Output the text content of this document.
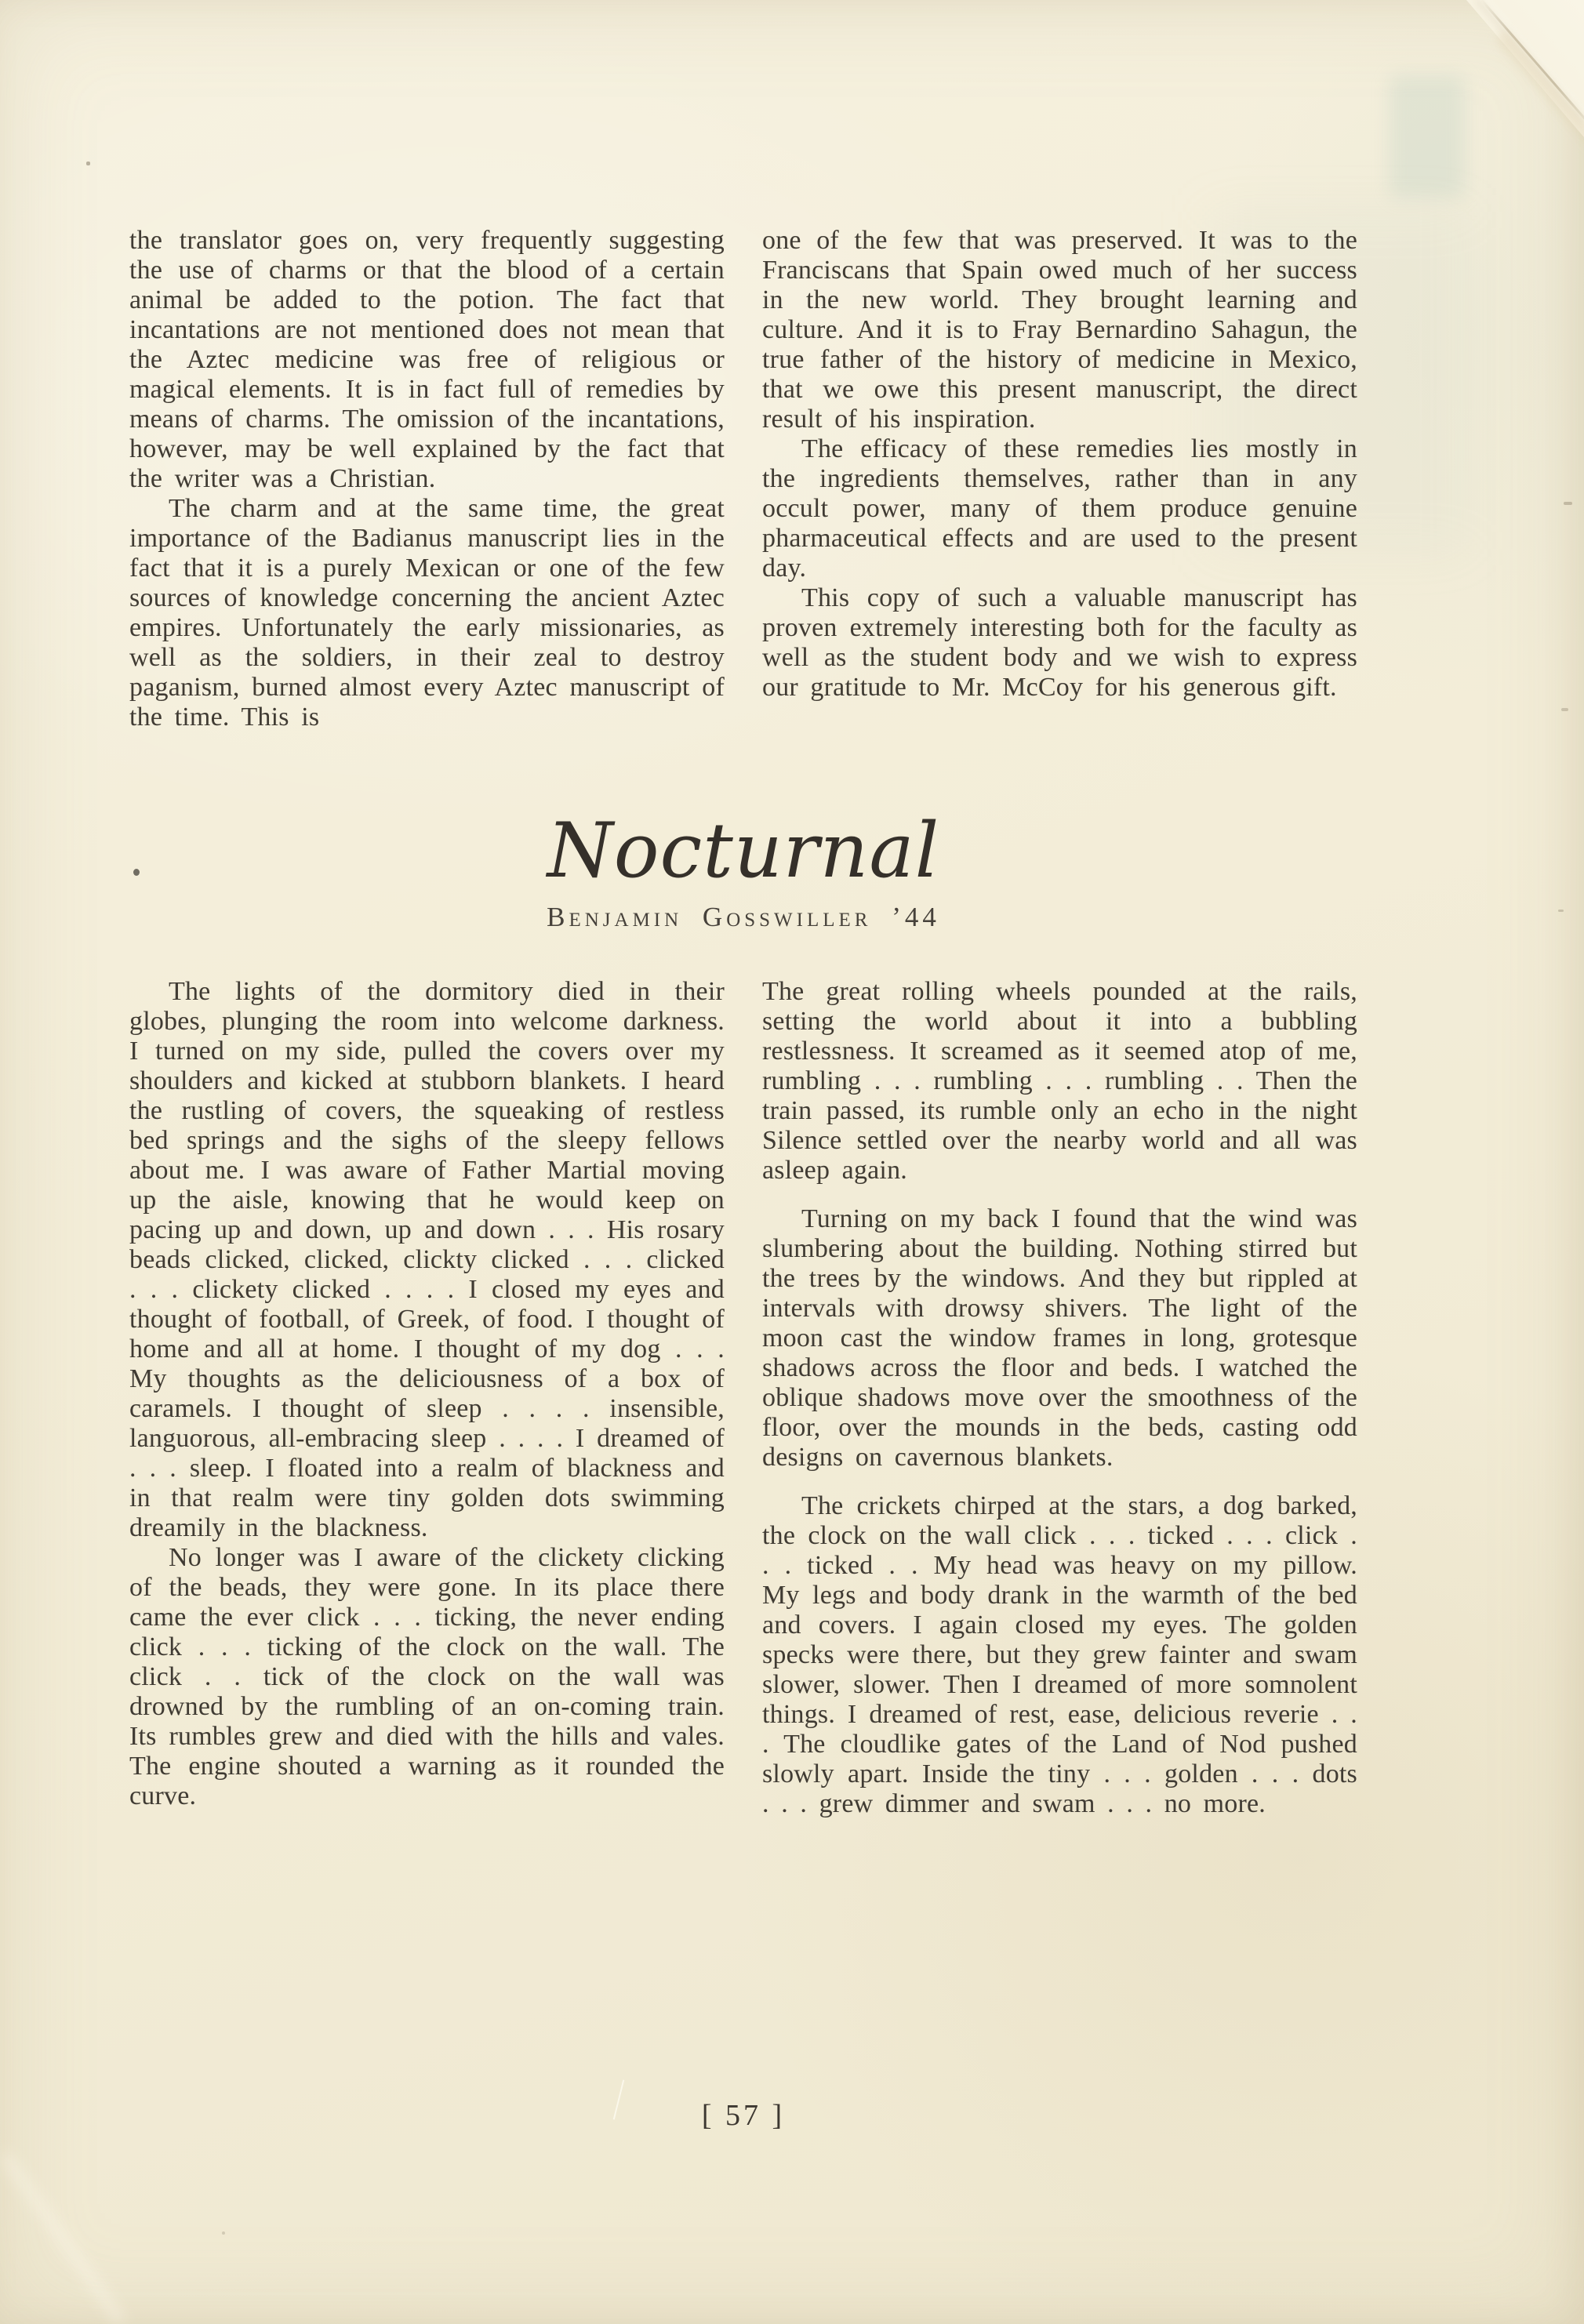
the translator goes on, very frequently suggesting the use of charms or that the blood of a certain animal be added to the potion. The fact that incantations are not mentioned does not mean that the Aztec medicine was free of religious or magical elements. It is in fact full of remedies by means of charms. The omission of the incantations, however, may be well explained by the fact that the writer was a Christian.

The charm and at the same time, the great importance of the Badianus manuscript lies in the fact that it is a purely Mexican or one of the few sources of knowledge concerning the ancient Aztec empires. Unfortunately the early missionaries, as well as the soldiers, in their zeal to destroy paganism, burned almost every Aztec manuscript of the time. This is

one of the few that was preserved. It was to the Franciscans that Spain owed much of her success in the new world. They brought learning and culture. And it is to Fray Bernardino Sahagun, the true father of the history of medicine in Mexico, that we owe this present manuscript, the direct result of his inspiration.

The efficacy of these remedies lies mostly in the ingredients themselves, rather than in any occult power, many of them produce genuine pharmaceutical effects and are used to the present day.

This copy of such a valuable manuscript has proven extremely interesting both for the faculty as well as the student body and we wish to express our gratitude to Mr. McCoy for his generous gift.

Nocturnal
Benjamin Gosswiller ’44

The lights of the dormitory died in their globes, plunging the room into welcome darkness. I turned on my side, pulled the covers over my shoulders and kicked at stubborn blankets. I heard the rustling of covers, the squeaking of restless bed springs and the sighs of the sleepy fellows about me. I was aware of Father Martial moving up the aisle, knowing that he would keep on pacing up and down, up and down . . . His rosary beads clicked, clicked, clickty clicked . . . clicked . . . clickety clicked . . . . I closed my eyes and thought of football, of Greek, of food. I thought of home and all at home. I thought of my dog . . . My thoughts as the deliciousness of a box of caramels. I thought of sleep . . . . insensible, languorous, all-embracing sleep . . . . I dreamed of . . . sleep. I floated into a realm of blackness and in that realm were tiny golden dots swimming dreamily in the blackness.

No longer was I aware of the clickety clicking of the beads, they were gone. In its place there came the ever click . . . ticking, the never ending click . . . ticking of the clock on the wall. The click . . tick of the clock on the wall was drowned by the rumbling of an on-coming train. Its rumbles grew and died with the hills and vales. The engine shouted a warning as it rounded the curve.

The great rolling wheels pounded at the rails, setting the world about it into a bubbling restlessness. It screamed as it seemed atop of me, rumbling . . . rumbling . . . rumbling . . Then the train passed, its rumble only an echo in the night Silence settled over the nearby world and all was asleep again.

Turning on my back I found that the wind was slumbering about the building. Nothing stirred but the trees by the windows. And they but rippled at intervals with drowsy shivers. The light of the moon cast the window frames in long, grotesque shadows across the floor and beds. I watched the oblique shadows move over the smoothness of the floor, over the mounds in the beds, casting odd designs on cavernous blankets.

The crickets chirped at the stars, a dog barked, the clock on the wall click . . . ticked . . . click . . . ticked . . My head was heavy on my pillow. My legs and body drank in the warmth of the bed and covers. I again closed my eyes. The golden specks were there, but they grew fainter and swam slower, slower. Then I dreamed of more somnolent things. I dreamed of rest, ease, delicious reverie . . . The cloudlike gates of the Land of Nod pushed slowly apart. Inside the tiny . . . golden . . . dots . . . grew dimmer and swam . . . no more.

[ 57 ]
